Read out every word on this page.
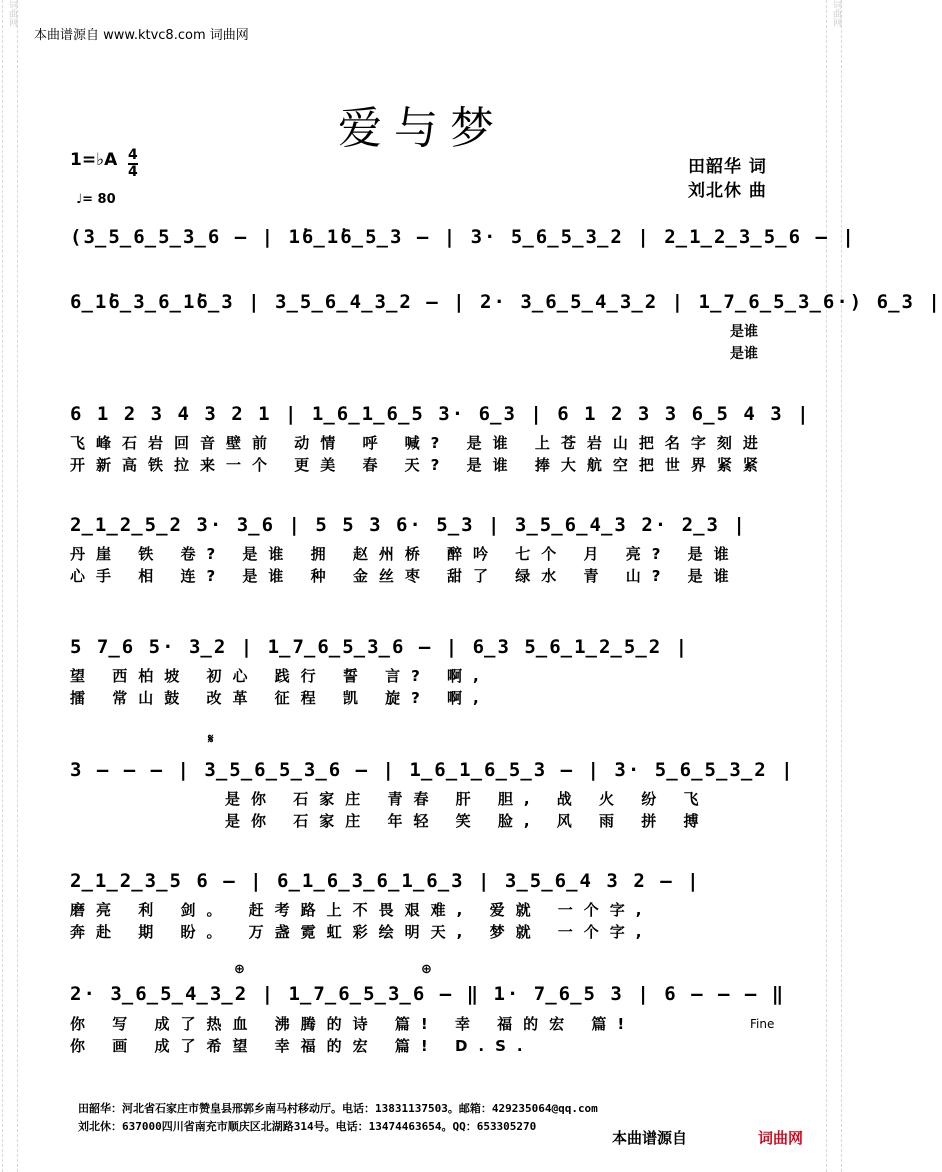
词曲网	词曲网
本曲谱源自 www.ktvc8.com 词曲网
爱与梦
1=♭A 4
4
♩= 80
田韶华 词
刘北休 曲
(3̲5̲6̲5̲3̲6 – | 1̇6̲1̇6̲5̲3 – | 3· 5̲6̲5̲3̲2 | 2̲1̲2̲3̲5̲6 – |
6̲1̇6̲3̲6̲1̇6̲3 | 3̲5̲6̲4̲3̲2 – | 2· 3̲6̲5̲4̲3̲2 | 1̲7̲6̲5̲3̲6·) 6̲3 |
是谁
是谁
6 1 2 3 4 3 2 1 | 1̲6̲1̲6̲5 3· 6̲3 | 6 1 2 3 3 6̲5 4 3 |
飞峰石岩回音壁前 动情 呼 喊? 是谁 上苍岩山把名字刻进
开新高铁拉来一个 更美 春 天? 是谁 捧大航空把世界紧紧
2̲1̲2̲5̲2 3· 3̲6 | 5 5 3 6· 5̲3 | 3̲5̲6̲4̲3 2· 2̲3 |
丹崖 铁 卷? 是谁 拥 赵州桥 醉吟 七个 月 亮? 是谁
心手 相 连? 是谁 种 金丝枣 甜了 绿水 青 山? 是谁
5 7̲6 5· 3̲2 | 1̲7̲6̲5̲3̲6 – | 6̲3 5̲6̲1̲2̲5̲2 |
望 西柏坡 初心 践行 誓 言? 啊,
擂 常山鼓 改革 征程 凯 旋? 啊,
𝄋
3 – – – | 3̲5̲6̲5̲3̲6 – | 1̲6̲1̲6̲5̲3 – | 3· 5̲6̲5̲3̲2 |
是你 石家庄 青春 肝 胆, 战 火 纷 飞
是你 石家庄 年轻 笑 脸, 风 雨 拼 搏
2̲1̲2̲3̲5 6 – | 6̲1̲6̲3̲6̲1̲6̲3 | 3̲5̲6̲4 3 2 – |
磨亮 利 剑。 赶考路上不畏艰难, 爱就 一个字,
奔赴 期 盼。 万盏霓虹彩绘明天, 梦就 一个字,
⊕	⊕
2· 3̲6̲5̲4̲3̲2 | 1̲7̲6̲5̲3̲6 – ‖ 1· 7̲6̲5 3 | 6 – – – ‖
你 写 成了热血 沸腾的诗 篇! 幸 福的宏 篇!
你 画 成了希望 幸福的宏 篇! D.S.
Fine
田韶华：河北省石家庄市赞皇县邢郭乡南马村移动厅。电话：13831137503。邮箱：429235064@qq.com
刘北休：637000四川省南充市顺庆区北湖路314号。电话：13474463654。QQ：653305270
本曲谱源自	词曲网
